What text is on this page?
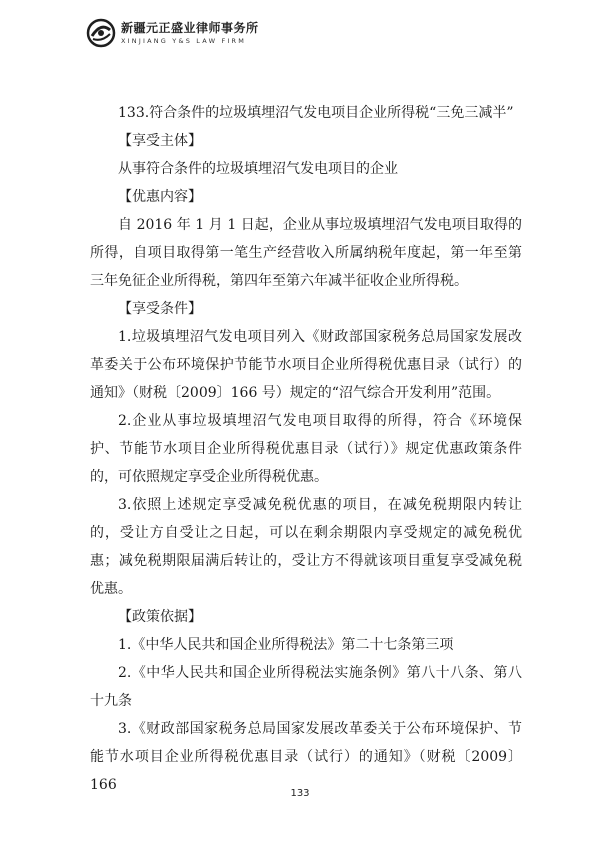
新疆元正盛业律师事务所
XINJIANG Y&S LAW FIRM

133.符合条件的垃圾填埋沼气发电项目企业所得税“三免三减半”

【享受主体】

从事符合条件的垃圾填埋沼气发电项目的企业

【优惠内容】

自 2016 年 1 月 1 日起，企业从事垃圾填埋沼气发电项目取得的所得，自项目取得第一笔生产经营收入所属纳税年度起，第一年至第三年免征企业所得税，第四年至第六年减半征收企业所得税。

【享受条件】

1.垃圾填埋沼气发电项目列入《财政部国家税务总局国家发展改革委关于公布环境保护节能节水项目企业所得税优惠目录（试行）的通知》（财税〔2009〕166 号）规定的“沼气综合开发利用”范围。

2.企业从事垃圾填埋沼气发电项目取得的所得，符合《环境保护、节能节水项目企业所得税优惠目录（试行）》规定优惠政策条件的，可依照规定享受企业所得税优惠。

3.依照上述规定享受减免税优惠的项目，在减免税期限内转让的，受让方自受让之日起，可以在剩余期限内享受规定的减免税优惠；减免税期限届满后转让的，受让方不得就该项目重复享受减免税优惠。

【政策依据】

1.《中华人民共和国企业所得税法》第二十七条第三项

2.《中华人民共和国企业所得税法实施条例》第八十八条、第八十九条

3.《财政部国家税务总局国家发展改革委关于公布环境保护、节能节水项目企业所得税优惠目录（试行）的通知》（财税〔2009〕166

133
